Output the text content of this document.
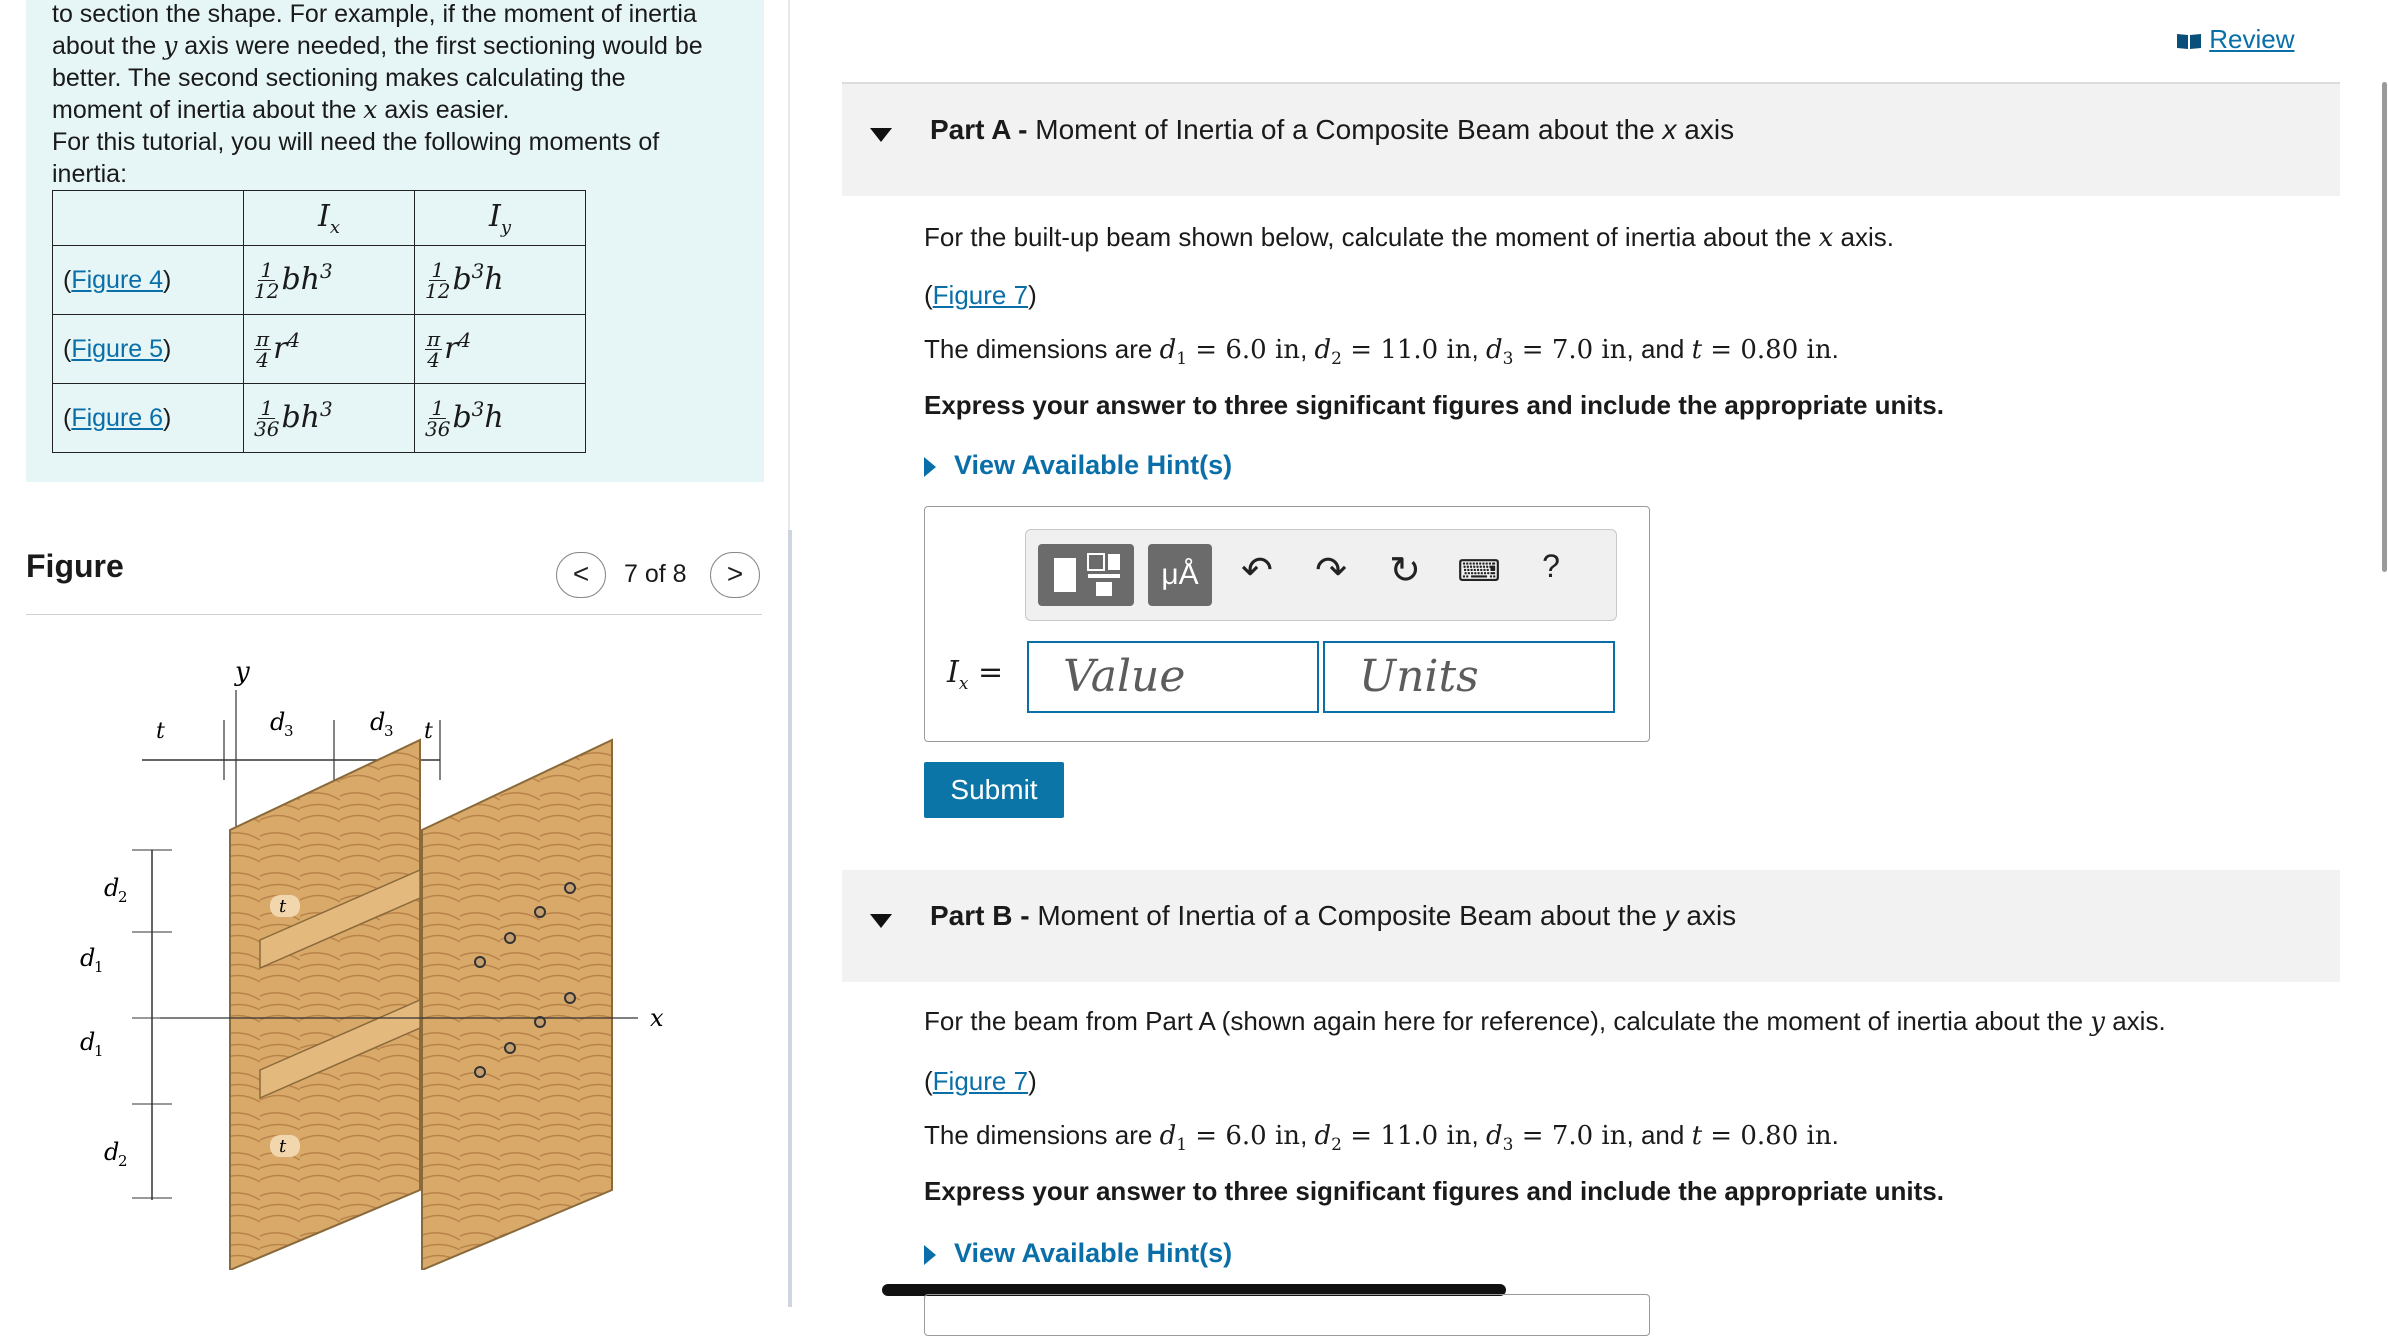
to section the shape. For example, if the moment of inertia
about the y axis were needed, the first sectioning would be
better. The second sectioning makes calculating the
moment of inertia about the x axis easier.
For this tutorial, you will need the following moments of
inertia:
	$I_x$	$I_y$
(Figure 4)	$\frac{1}{12} bh^3$	$\frac{1}{12} b^3h$
(Figure 5)	$\frac{\pi}{4} r^4$	$\frac{\pi}{4} r^4$
(Figure 6)	$\frac{1}{36} bh^3$	$\frac{1}{36} b^3h$
Figure	<	7 of 8	>
y
t	d	d t
x
d
d
d
d
t
t
3	3
2
1
1
2
Review
Part A - Moment of Inertia of a Composite Beam about the x axis
For the built-up beam shown below, calculate the moment of inertia about the x axis.
(Figure 7)
The dimensions are $d_1 = 6.0$ in, $d_2 = 11.0$ in, $d_3 = 7.0$ in, and t = 0.80 in.
Express your answer to three significant figures and include the appropriate units.
View Available Hint(s)
μÅ	↶ ↷ ↻	⌨	?
$I_x$ =	Value	Units
Submit
Part B - Moment of Inertia of a Composite Beam about the y axis
For the beam from Part A (shown again here for reference), calculate the moment of inertia about the y axis.
(Figure 7)
The dimensions are $d_1 = 6.0$ in, $d_2 = 11.0$ in, $d_3 = 7.0$ in, and t = 0.80 in.
Express your answer to three significant figures and include the appropriate units.
View Available Hint(s)
